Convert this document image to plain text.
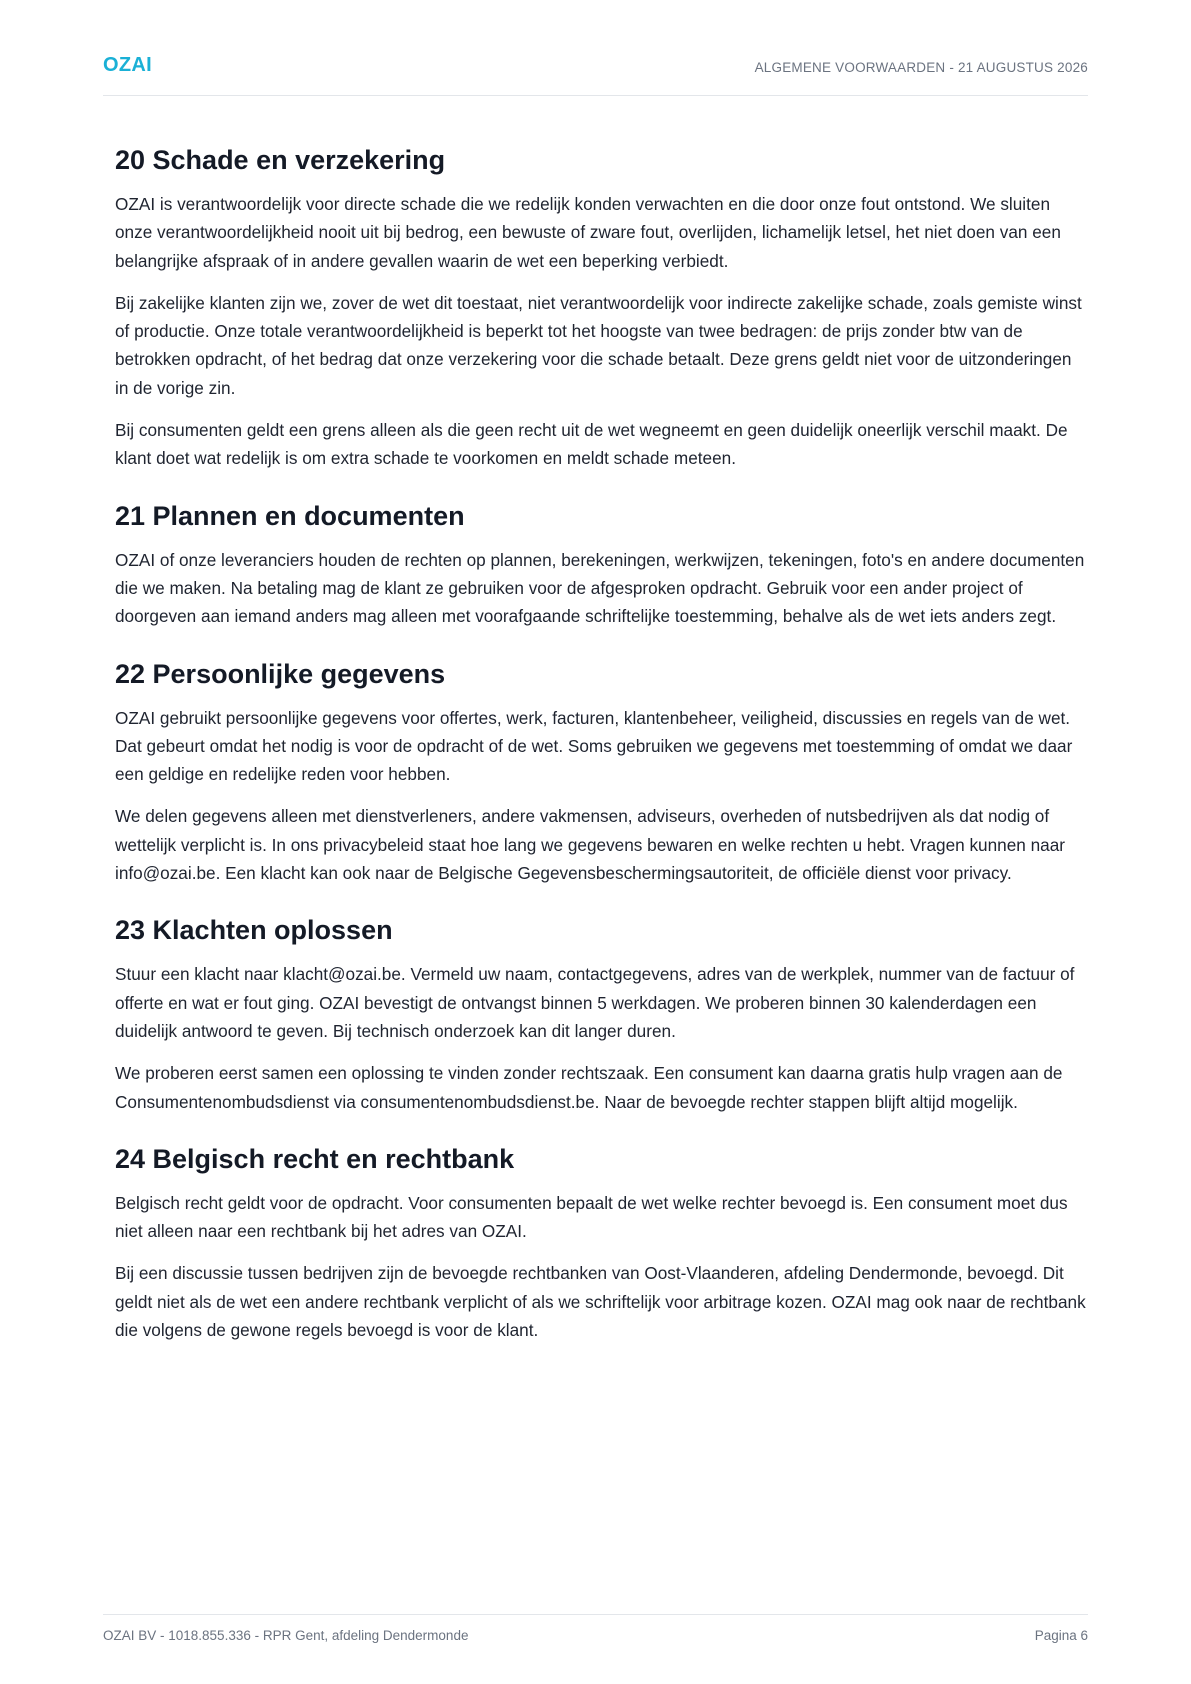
OZAI	ALGEMENE VOORWAARDEN - 21 AUGUSTUS 2026
20 Schade en verzekering

OZAI is verantwoordelijk voor directe schade die we redelijk konden verwachten en die door onze fout ontstond. We sluiten onze verantwoordelijkheid nooit uit bij bedrog, een bewuste of zware fout, overlijden, lichamelijk letsel, het niet doen van een belangrijke afspraak of in andere gevallen waarin de wet een beperking verbiedt.

Bij zakelijke klanten zijn we, zover de wet dit toestaat, niet verantwoordelijk voor indirecte zakelijke schade, zoals gemiste winst of productie. Onze totale verantwoordelijkheid is beperkt tot het hoogste van twee bedragen: de prijs zonder btw van de betrokken opdracht, of het bedrag dat onze verzekering voor die schade betaalt. Deze grens geldt niet voor de uitzonderingen in de vorige zin.

Bij consumenten geldt een grens alleen als die geen recht uit de wet wegneemt en geen duidelijk oneerlijk verschil maakt. De klant doet wat redelijk is om extra schade te voorkomen en meldt schade meteen.

21 Plannen en documenten

OZAI of onze leveranciers houden de rechten op plannen, berekeningen, werkwijzen, tekeningen, foto's en andere documenten die we maken. Na betaling mag de klant ze gebruiken voor de afgesproken opdracht. Gebruik voor een ander project of doorgeven aan iemand anders mag alleen met voorafgaande schriftelijke toestemming, behalve als de wet iets anders zegt.

22 Persoonlijke gegevens

OZAI gebruikt persoonlijke gegevens voor offertes, werk, facturen, klantenbeheer, veiligheid, discussies en regels van de wet. Dat gebeurt omdat het nodig is voor de opdracht of de wet. Soms gebruiken we gegevens met toestemming of omdat we daar een geldige en redelijke reden voor hebben.

We delen gegevens alleen met dienstverleners, andere vakmensen, adviseurs, overheden of nutsbedrijven als dat nodig of wettelijk verplicht is. In ons privacybeleid staat hoe lang we gegevens bewaren en welke rechten u hebt. Vragen kunnen naar info@ozai.be. Een klacht kan ook naar de Belgische Gegevensbeschermingsautoriteit, de officiële dienst voor privacy.

23 Klachten oplossen

Stuur een klacht naar klacht@ozai.be. Vermeld uw naam, contactgegevens, adres van de werkplek, nummer van de factuur of offerte en wat er fout ging. OZAI bevestigt de ontvangst binnen 5 werkdagen. We proberen binnen 30 kalenderdagen een duidelijk antwoord te geven. Bij technisch onderzoek kan dit langer duren.

We proberen eerst samen een oplossing te vinden zonder rechtszaak. Een consument kan daarna gratis hulp vragen aan de Consumentenombudsdienst via consumentenombudsdienst.be. Naar de bevoegde rechter stappen blijft altijd mogelijk.

24 Belgisch recht en rechtbank

Belgisch recht geldt voor de opdracht. Voor consumenten bepaalt de wet welke rechter bevoegd is. Een consument moet dus niet alleen naar een rechtbank bij het adres van OZAI.

Bij een discussie tussen bedrijven zijn de bevoegde rechtbanken van Oost-Vlaanderen, afdeling Dendermonde, bevoegd. Dit geldt niet als de wet een andere rechtbank verplicht of als we schriftelijk voor arbitrage kozen. OZAI mag ook naar de rechtbank die volgens de gewone regels bevoegd is voor de klant.

OZAI BV - 1018.855.336 - RPR Gent, afdeling Dendermonde	Pagina 6
